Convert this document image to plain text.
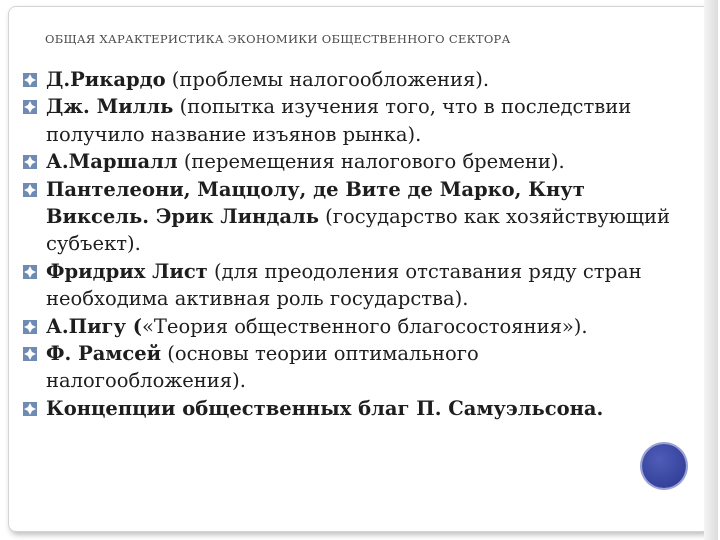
ОБЩАЯ ХАРАКТЕРИСТИКА ЭКОНОМИКИ ОБЩЕСТВЕННОГО СЕКТОРА
Д.Рикардо (проблемы налогообложения).
Дж. Милль (попытка изучения того, что в последствии получило название изъянов рынка).
А.Маршалл (перемещения налогового бремени).
Пантелеони, Маццолу, де Вите де Марко, Кнут Виксель. Эрик Линдаль (государство как хозяйствующий субъект).
Фридрих Лист (для преодоления отставания ряду стран необходима активная роль государства).
А.Пигу («Теория общественного благосостояния»).
Ф. Рамсей (основы теории оптимального налогообложения).
Концепции общественных благ П. Самуэльсона.
